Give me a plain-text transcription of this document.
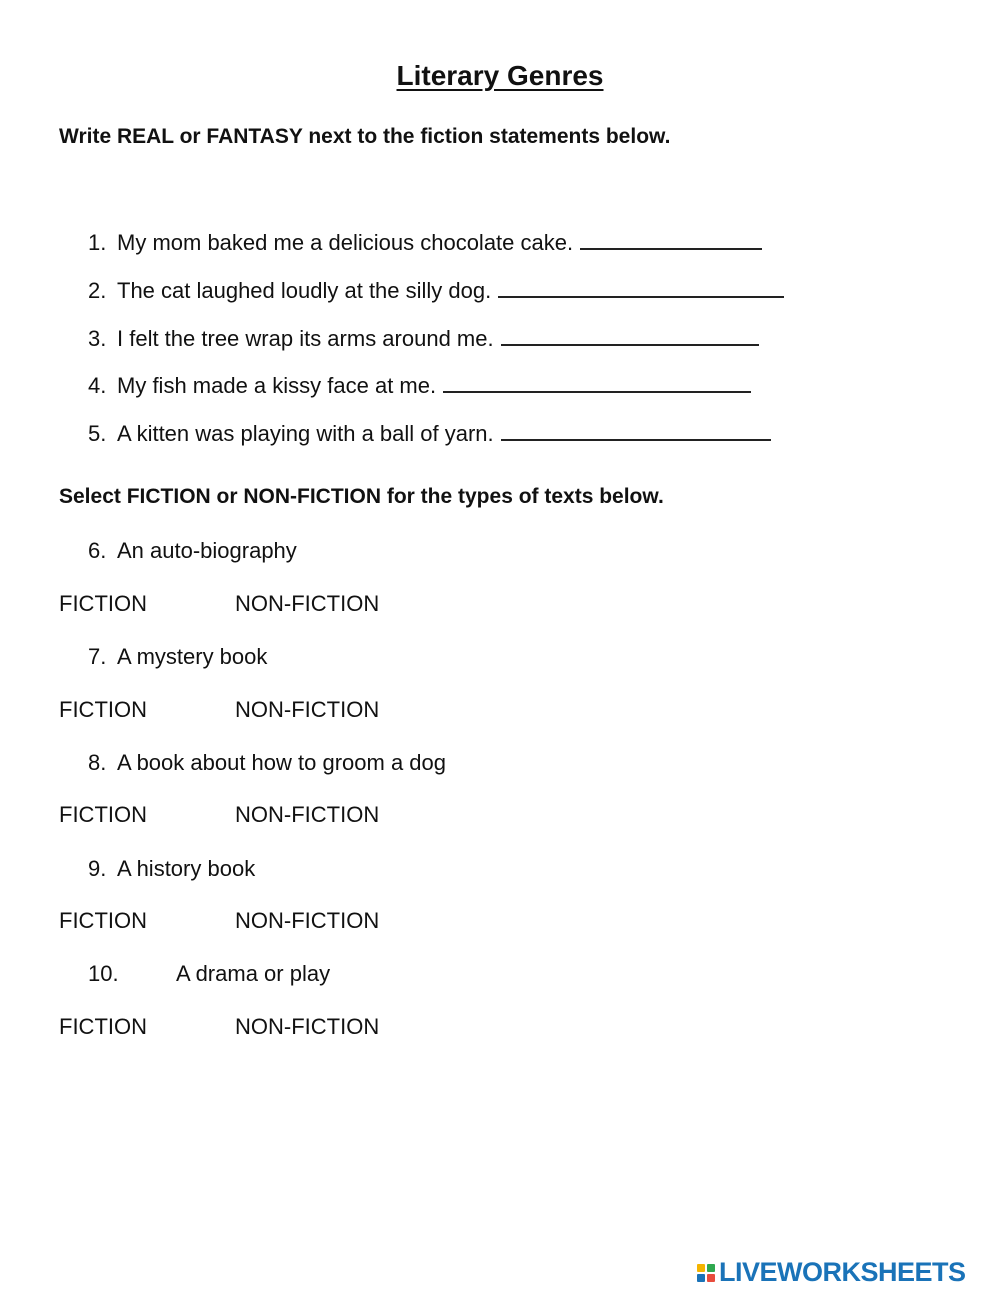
Literary Genres

Write REAL or FANTASY next to the fiction statements below.

1. My mom baked me a delicious chocolate cake.
2. The cat laughed loudly at the silly dog.
3. I felt the tree wrap its arms around me.
4. My fish made a kissy face at me.
5. A kitten was playing with a ball of yarn.

Select FICTION or NON-FICTION for the types of texts below.

6. An auto-biography
FICTION	NON-FICTION
7. A mystery book
FICTION	NON-FICTION
8. A book about how to groom a dog
FICTION	NON-FICTION
9. A history book
FICTION	NON-FICTION
10.	A drama or play
FICTION	NON-FICTION
LIVEWORKSHEETS
